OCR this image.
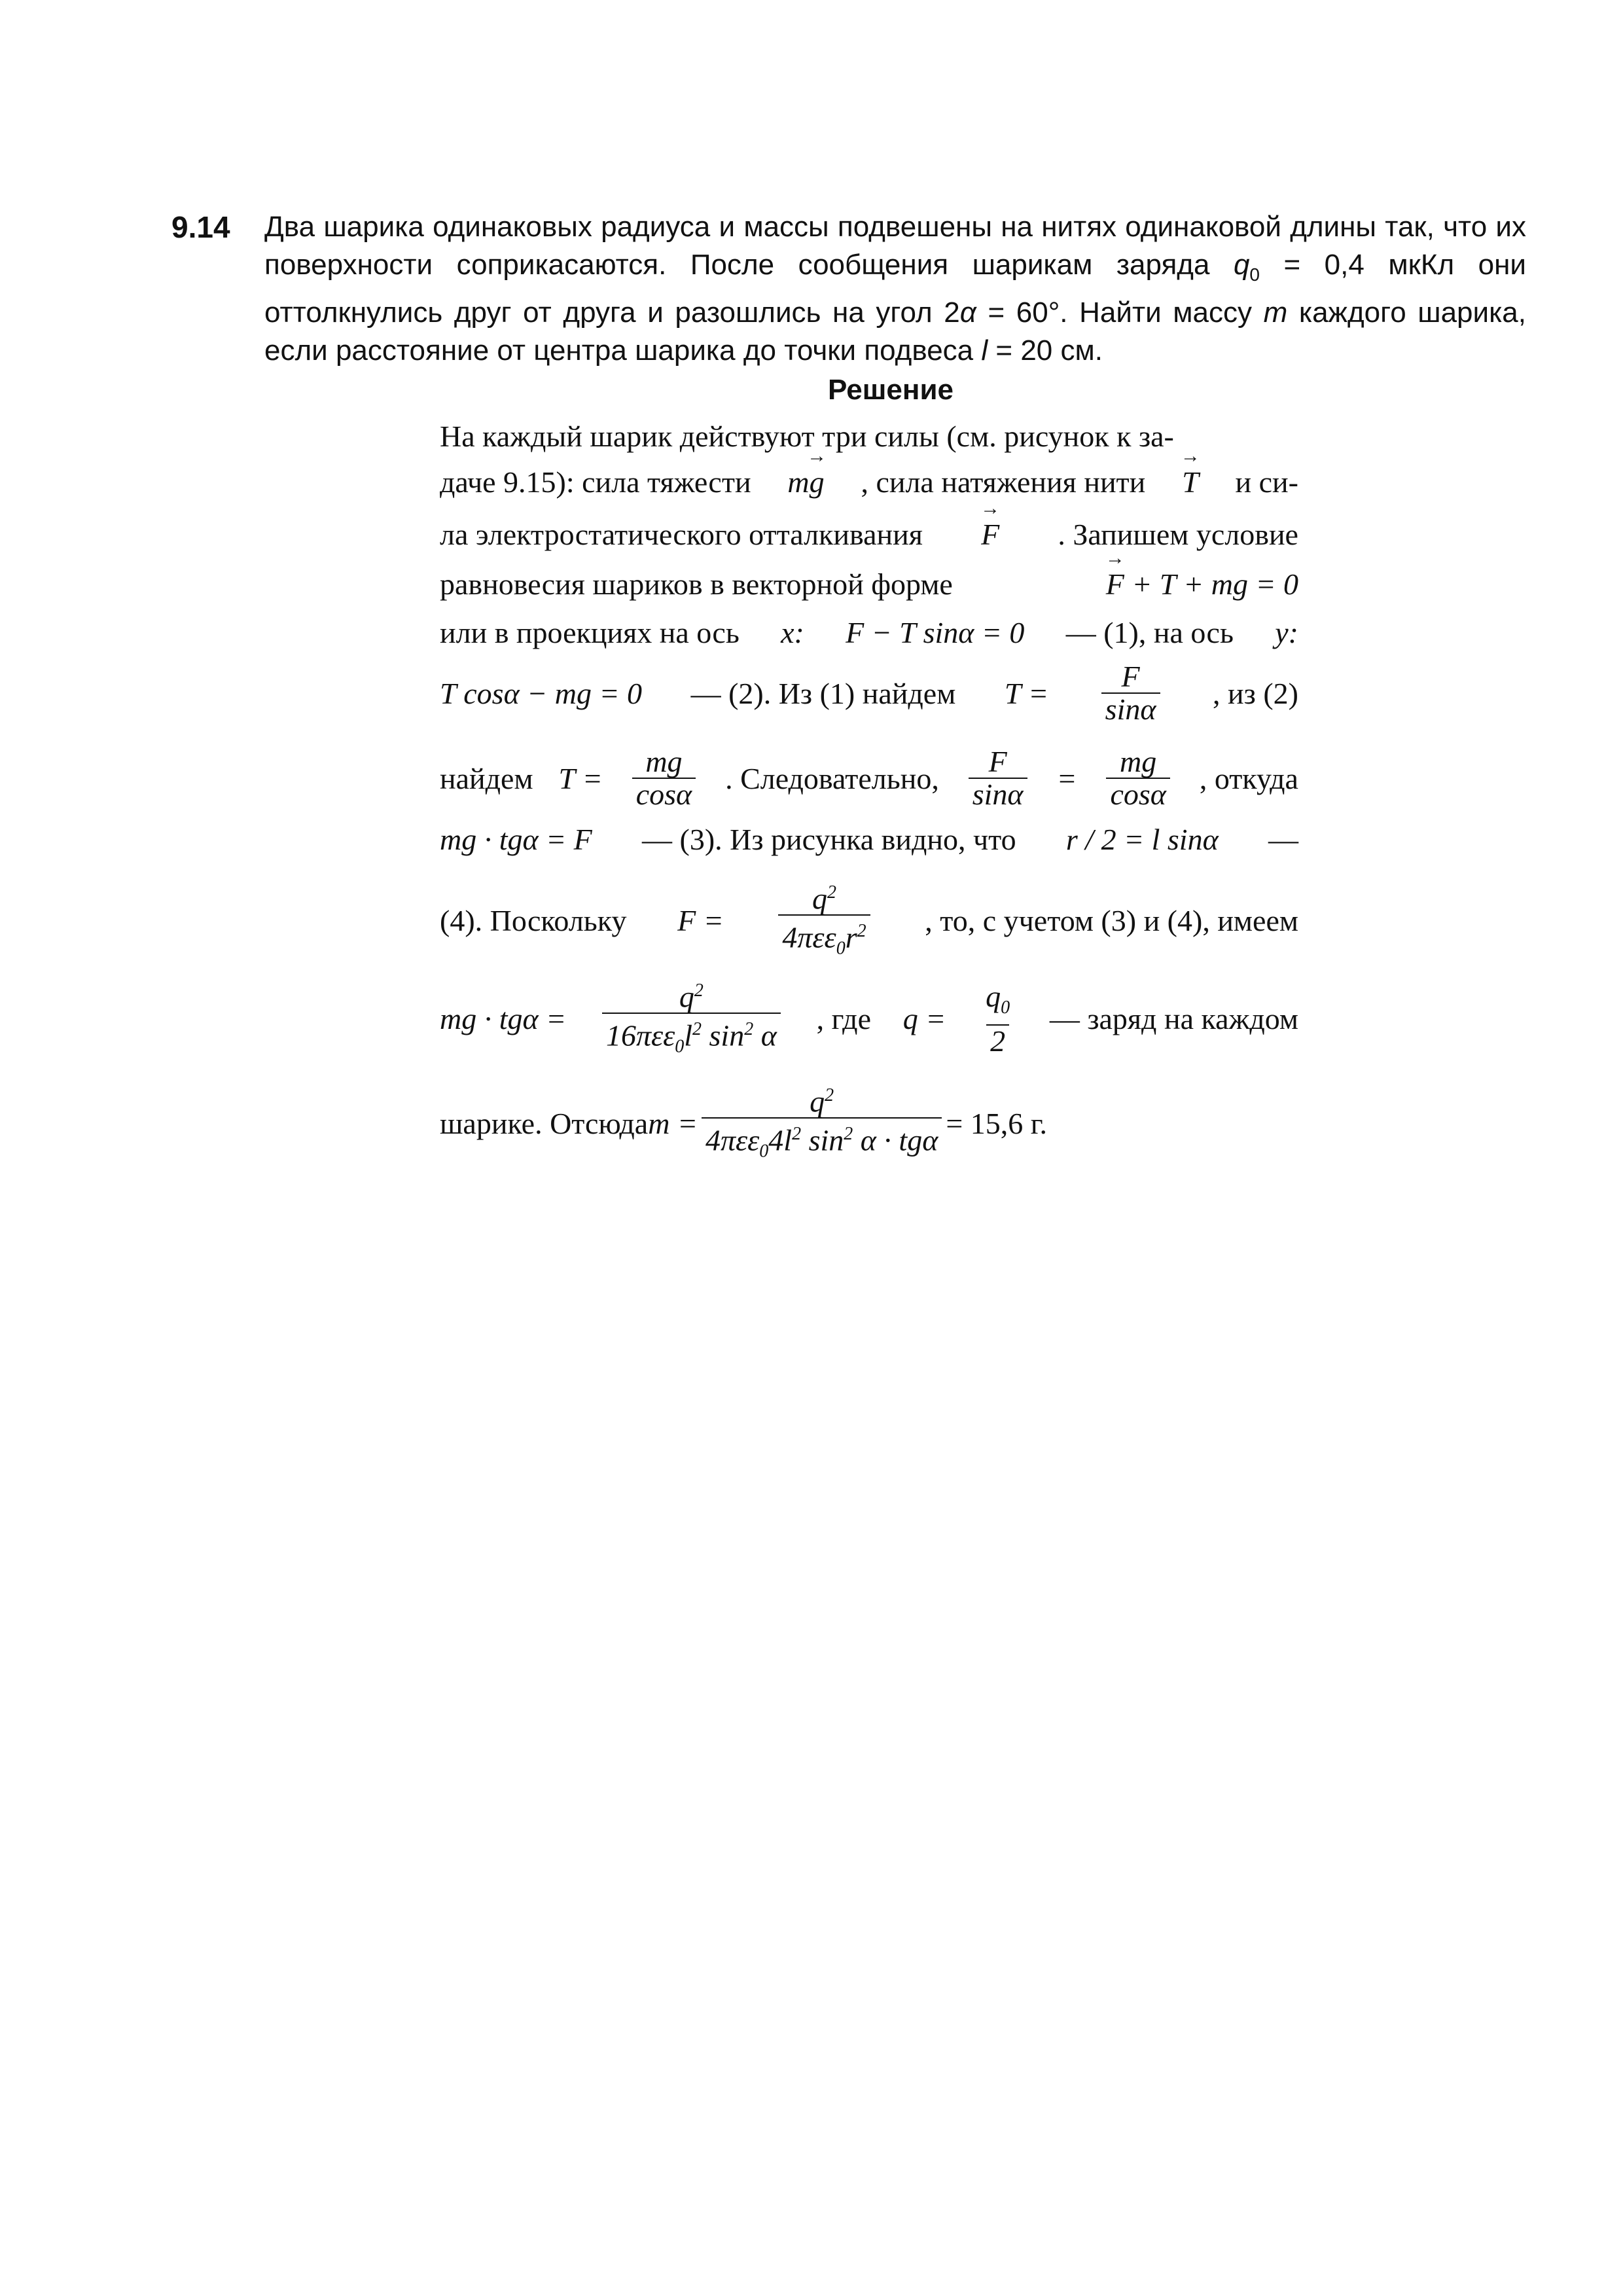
9.14 Два шарика одинаковых радиуса и массы подвешены на нитях одинаковой длины так, что их поверхности соприкасаются. После сообщения шарикам заряда $q_0 = 0,4$ мкКл они оттолкнулись друг от друга и разошлись на угол 2α = 60°. Найти массу m каждого шарика, если расстояние от центра шарика до точки подвеса l = 20 см.
Решение
На каждый шарик действуют три силы (см. рисунок к за-
даче 9.15): сила тяжести m→ g , сила натяжения нити → T и си-
ла электростатического отталкивания → F . Запишем условие
равновесия шариков в векторной форме	→ F + T + mg = 0
или в проекциях на ось x: F − T sinα = 0 — (1), на ось y:
T cosα − mg = 0 — (2). Из (1) найдем $T = \frac{F}{\sin\alpha}$ , из (2)
найдем $T = \frac{mg}{\cos\alpha}$ . Следовательно, $\frac{F}{\sin\alpha} = \frac{mg}{\cos\alpha}$ , откуда
mg · tgα = F — (3). Из рисунка видно, что r / 2 = l sinα —
(4). Поскольку $F = \frac{q^2}{4\pi\varepsilon\varepsilon_0r^2}$ , то, с учетом (3) и (4), имеем
mg · $tg\alpha = \frac{q^2}{16\pi\varepsilon\varepsilon_0l^2 \sin^2 \alpha}$ , где $q = \frac{q_0}{2}$ — заряд на каждом
шарике. Отсюда $m = \frac{q^2}{4\pi\varepsilon\varepsilon_04l^2 \sin^2 \alpha \cdot tg\alpha} = 15,6$ г.
